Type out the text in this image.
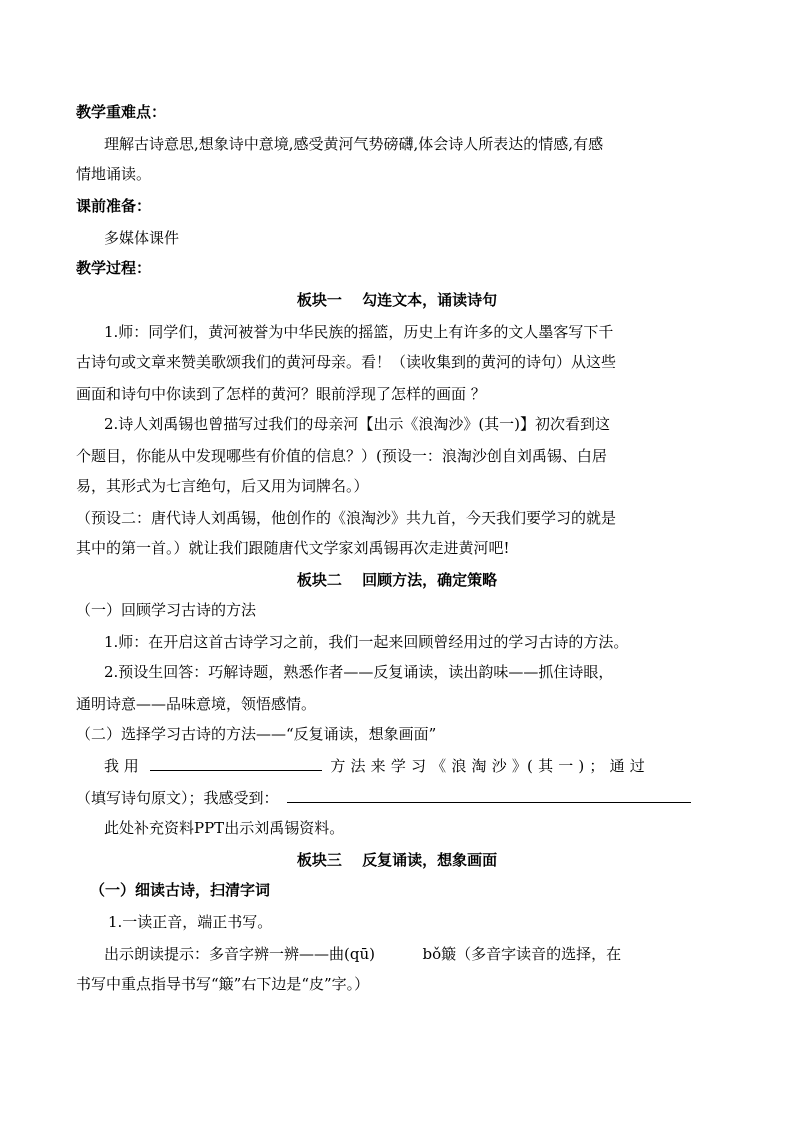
教学重难点：
理解古诗意思,想象诗中意境,感受黄河气势磅礴,体会诗人所表达的情感,有感
情地诵读。
课前准备：
多媒体课件
教学过程：
板块一　 勾连文本，诵读诗句
1.师：同学们，黄河被誉为中华民族的摇篮，历史上有许多的文人墨客写下千
古诗句或文章来赞美歌颂我们的黄河母亲。看！（读收集到的黄河的诗句）从这些
画面和诗句中你读到了怎样的黄河？眼前浮现了怎样的画面 ？
2.诗人刘禹锡也曾描写过我们的母亲河【出示《浪淘沙》(其一)】初次看到这
个题目，你能从中发现哪些有价值的信息？）(预设一：浪淘沙创自刘禹锡、白居
易，其形式为七言绝句，后又用为词牌名。）
（预设二：唐代诗人刘禹锡，他创作的《浪淘沙》共九首，今天我们要学习的就是
其中的第一首。）就让我们跟随唐代文学家刘禹锡再次走进黄河吧!
板块二　 回顾方法，确定策略
（一）回顾学习古诗的方法
1.师：在开启这首古诗学习之前，我们一起来回顾曾经用过的学习古诗的方法。
2.预设生回答：巧解诗题，熟悉作者——反复诵读，读出韵味——抓住诗眼，
通明诗意——品味意境，领悟感情。
（二）选择学习古诗的方法——“反复诵读，想象画面”
我 用	方 法 来 学 习 《 浪 淘 沙 》( 其 一 ) ； 通 过
（填写诗句原文）；我感受到：
此处补充资料PPT出示刘禹锡资料。
板块三　 反复诵读，想象画面
（一）细读古诗，扫清字词
1.一读正音，端正书写。
出示朗读提示：多音字辨一辨——曲(qū)	bǒ簸（多音字读音的选择，在
书写中重点指导书写“簸”右下边是“皮”字。）
